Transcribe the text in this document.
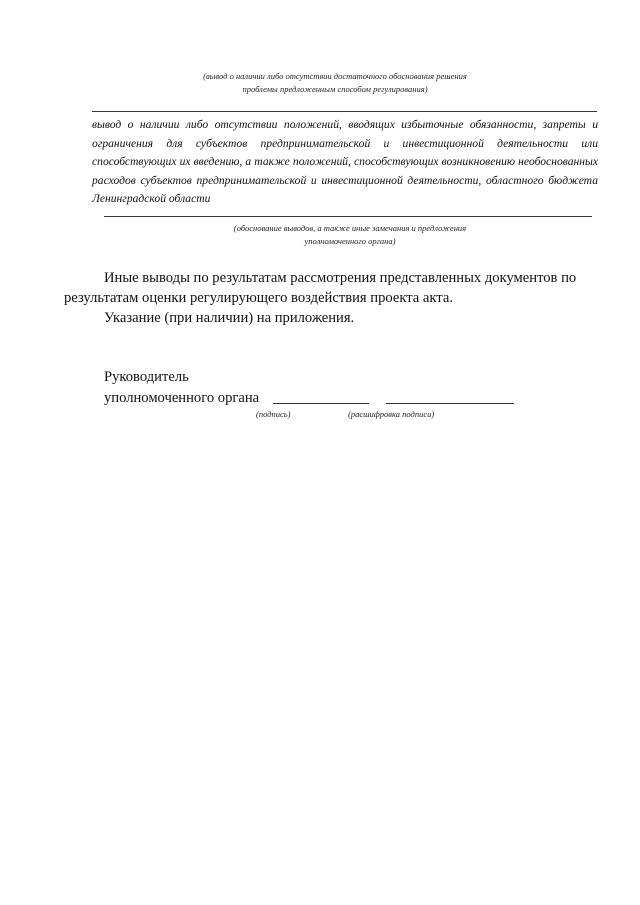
(вывод о наличии либо отсутствии достаточного обоснования решения
проблемы предложенным способом регулирования)
вывод о наличии либо отсутствии положений, вводящих избыточные обязанности, запреты и ограничения для субъектов предпринимательской и инвестиционной деятельности или способствующих их введению, а также положений, способствующих возникновению необоснованных расходов субъектов предпринимательской и инвестиционной деятельности, областного бюджета Ленинградской области
(обоснование выводов, а также иные замечания и предложения
уполномоченного органа)
Иные выводы по результатам рассмотрения представленных документов по
результатам оценки регулирующего воздействия проекта акта.
Указание (при наличии) на приложения.
Руководитель
уполномоченного органа
(подпись)	(расшифровка подписи)
